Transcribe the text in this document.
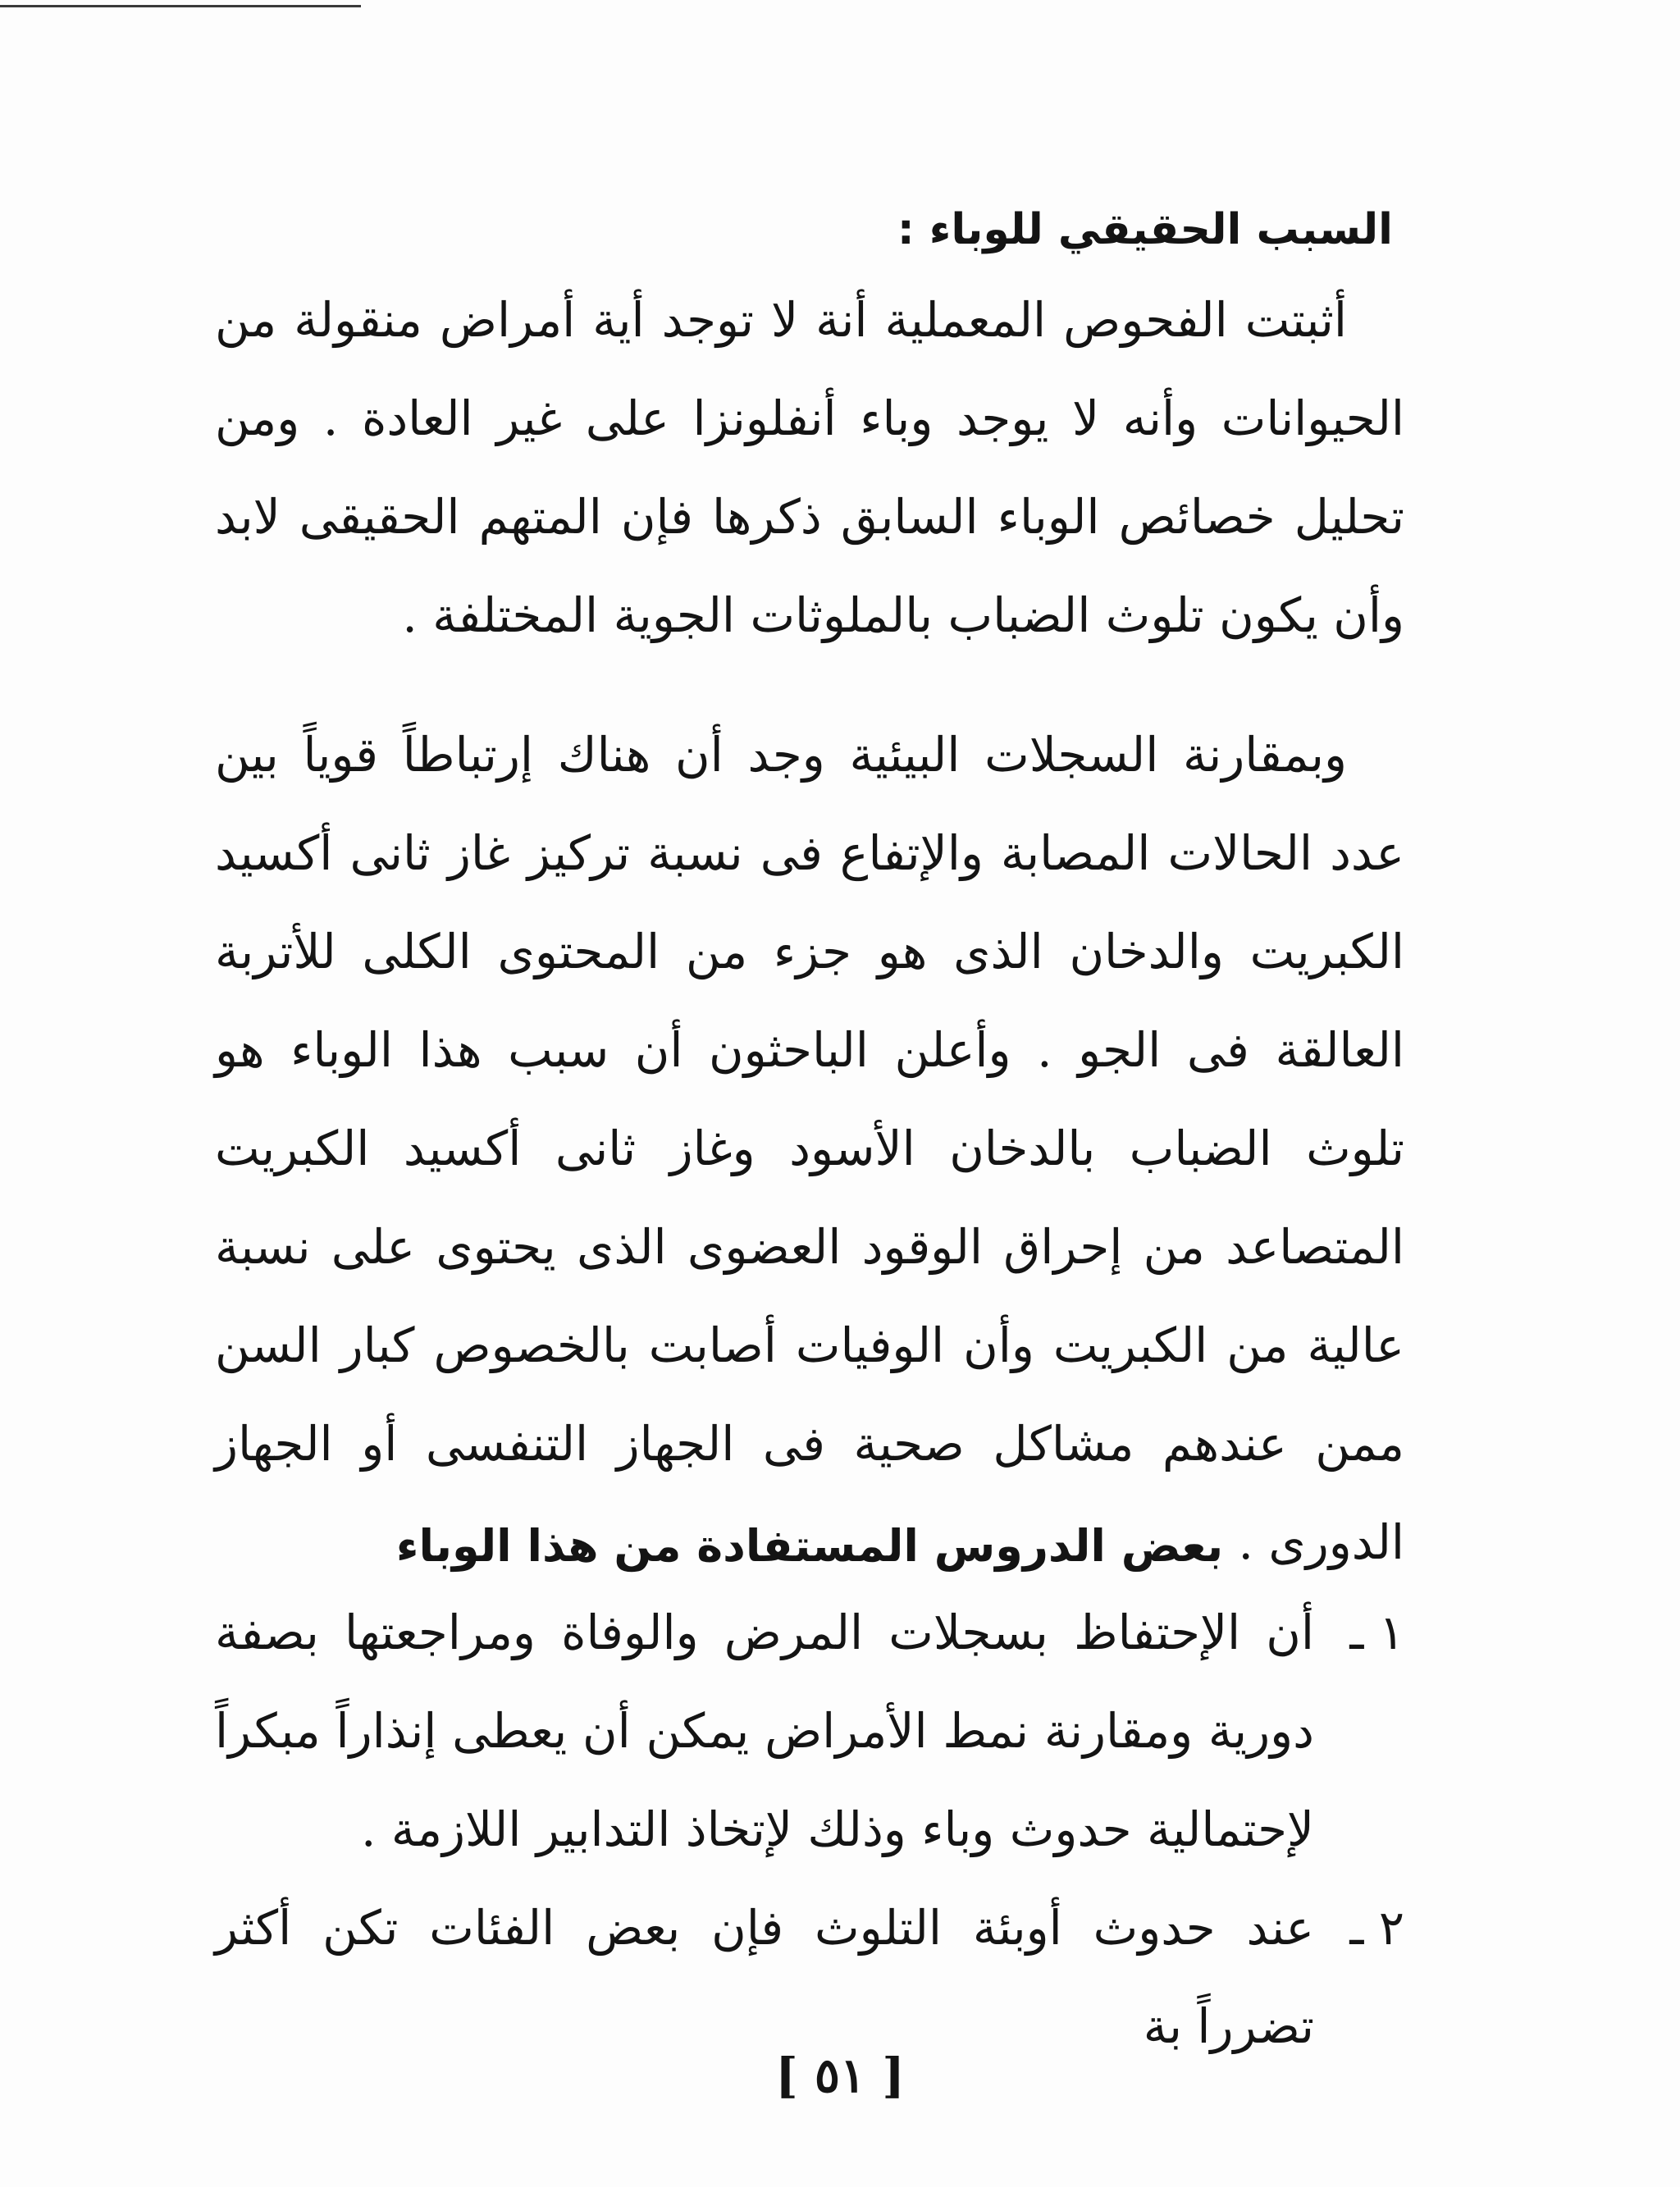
السبب الحقيقي للوباء :

أثبتت الفحوص المعملية أنة لا توجد أية أمراض منقولة من الحيوانات وأنه لا يوجد وباء أنفلونزا على غير العادة . ومن تحليل خصائص الوباء السابق ذكرها فإن المتهم الحقيقى لابد وأن يكون تلوث الضباب بالملوثات الجوية المختلفة .

وبمقارنة السجلات البيئية وجد أن هناك إرتباطاً قوياً بين عدد الحالات المصابة والإتفاع فى نسبة تركيز غاز ثانى أكسيد الكبريت والدخان الذى هو جزء من المحتوى الكلى للأتربة العالقة فى الجو . وأعلن الباحثون أن سبب هذا الوباء هو تلوث الضباب بالدخان الأسود وغاز ثانى أكسيد الكبريت المتصاعد من إحراق الوقود العضوى الذى يحتوى على نسبة عالية من الكبريت وأن الوفيات أصابت بالخصوص كبار السن ممن عندهم مشاكل صحية فى الجهاز التنفسى أو الجهاز الدورى .

بعض الدروس المستفادة من هذا الوباء
١ ـ
أن الإحتفاظ بسجلات المرض والوفاة ومراجعتها بصفة دورية ومقارنة نمط الأمراض يمكن أن يعطى إنذاراً مبكراً لإحتمالية حدوث وباء وذلك لإتخاذ التدابير اللازمة .
٢ ـ
عند حدوث أوبئة التلوث فإن بعض الفئات تكن أكثر تضرراً بة
[ ٥١ ]
